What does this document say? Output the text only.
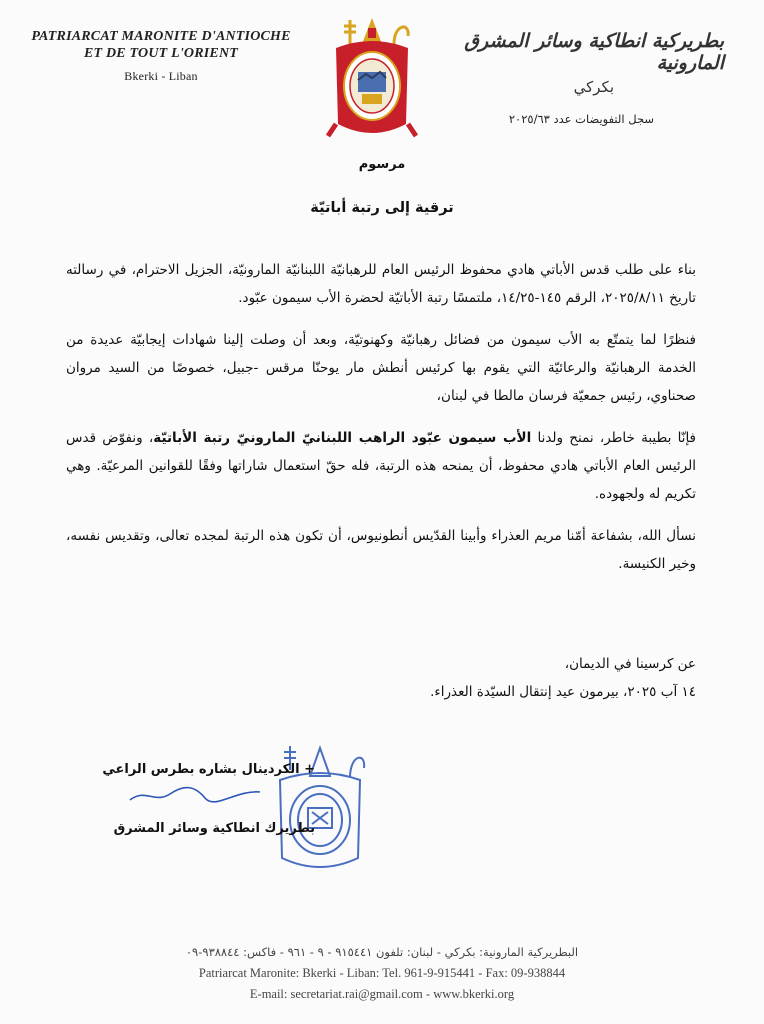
PATRIARCAT MARONITE D'ANTIOCHE
ET DE TOUT L'ORIENT
Bkerki - Liban
بطريركية انطاكية وسائر المشرق المارونية
بكركي
سجل التفويضات عدد ٢٠٢٥/٦٣
مرسوم
ترقية إلى رتبة أباتيّة

بناء على طلب قدس الأباتي هادي محفوظ الرئيس العام للرهبانيّة اللبنانيّة المارونيّة، الجزيل الاحترام، في رسالته تاريخ ٢٠٢٥/٨/١١، الرقم ١٤٥-١٤/٢٥، ملتمسًا رتبة الأباتيّة لحضرة الأب سيمون عبّود.

فنظرًا لما يتمتّع به الأب سيمون من فضائل رهبانيّة وكهنوتيّة، وبعد أن وصلت إلينا شهادات إيجابيّة عديدة من الخدمة الرهبانيّة والرعائيّة التي يقوم بها كرئيس أنطش مار يوحنّا مرقس -جبيل، خصوصًا من السيد مروان صحناوي، رئيس جمعيّة فرسان مالطا في لبنان،

فإنّا بطيبة خاطر، نمنح ولدنا الأب سيمون عبّود الراهب اللبنانيّ المارونيّ رتبة الأباتيّة، ونفوّض قدس الرئيس العام الأباتي هادي محفوظ، أن يمنحه هذه الرتبة، فله حقّ استعمال شاراتها وفقًا للقوانين المرعيّة. وهي تكريم له ولجهوده.

نسأل الله، بشفاعة أمّنا مريم العذراء وأبينا القدّيس أنطونيوس، أن تكون هذه الرتبة لمجده تعالى، وتقديس نفسه، وخير الكنيسة.

عن كرسينا في الديمان،
١٤ آب ٢٠٢٥، بيرمون عيد إنتقال السيّدة العذراء.
+ الكردينال بشاره بطرس الراعي
بطريرك انطاكية وسائر المشرق
البطريركية المارونية: بكركي - لبنان: تلفون ٩١٥٤٤١ - ٩ - ٩٦١ - فاكس: ٩٣٨٨٤٤-٠٩
Patriarcat Maronite: Bkerki - Liban: Tel. 961-9-915441 - Fax: 09-938844
E-mail: secretariat.rai@gmail.com - www.bkerki.org
